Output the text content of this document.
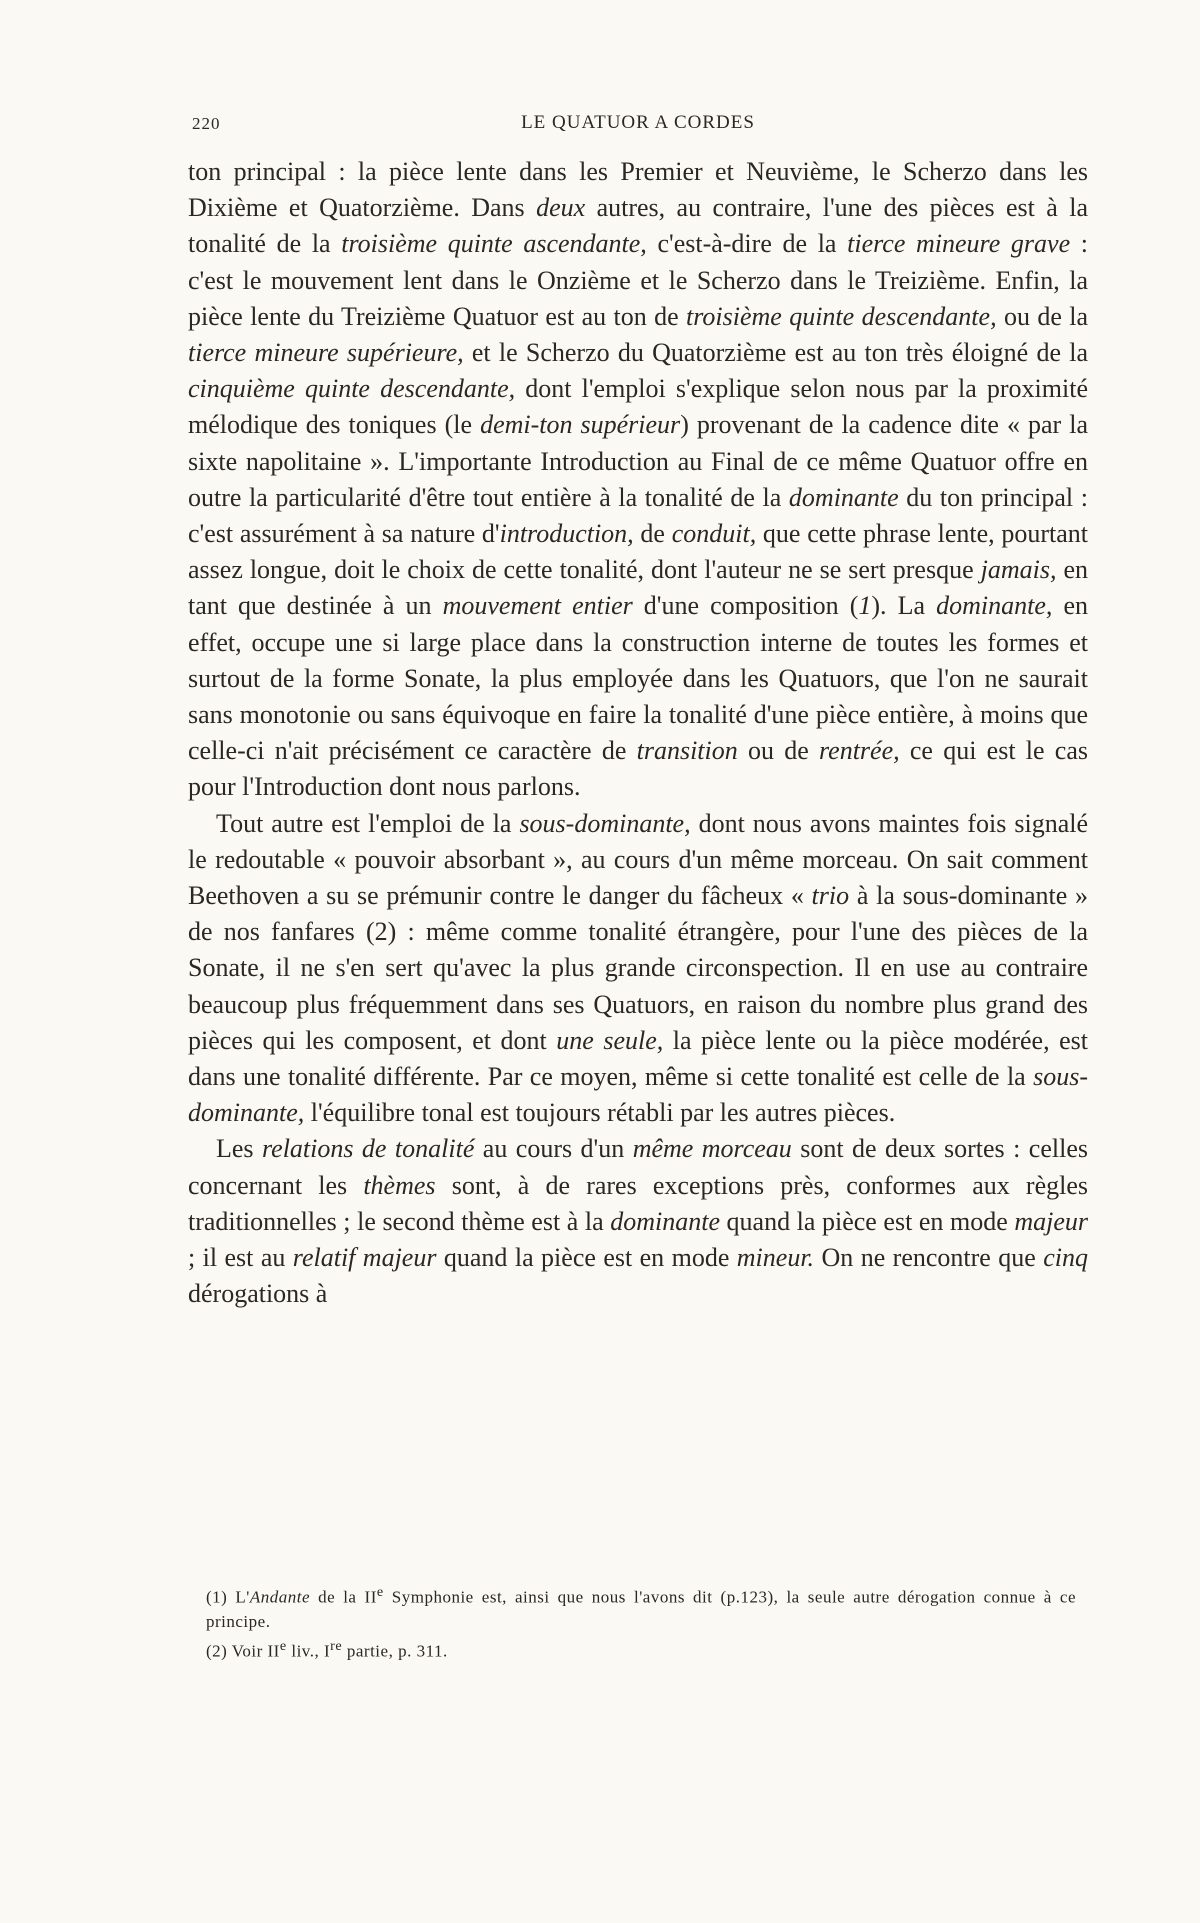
220	LE QUATUOR A CORDES

ton principal : la pièce lente dans les Premier et Neuvième, le Scherzo dans les Dixième et Quatorzième. Dans deux autres, au contraire, l'une des pièces est à la tonalité de la troisième quinte ascendante, c'est-à-dire de la tierce mineure grave : c'est le mouvement lent dans le Onzième et le Scherzo dans le Treizième. Enfin, la pièce lente du Treizième Quatuor est au ton de troisième quinte descendante, ou de la tierce mineure supérieure, et le Scherzo du Quatorzième est au ton très éloigné de la cinquième quinte descendante, dont l'emploi s'explique selon nous par la proximité mélodique des toniques (le demi-ton supérieur) provenant de la cadence dite « par la sixte napolitaine ». L'importante Introduction au Final de ce même Quatuor offre en outre la particularité d'être tout entière à la tonalité de la dominante du ton principal : c'est assurément à sa nature d'introduction, de conduit, que cette phrase lente, pourtant assez longue, doit le choix de cette tonalité, dont l'auteur ne se sert presque jamais, en tant que destinée à un mouvement entier d'une composition (1). La dominante, en effet, occupe une si large place dans la construction interne de toutes les formes et surtout de la forme Sonate, la plus employée dans les Quatuors, que l'on ne saurait sans monotonie ou sans équivoque en faire la tonalité d'une pièce entière, à moins que celle-ci n'ait précisément ce caractère de transition ou de rentrée, ce qui est le cas pour l'Introduction dont nous parlons.

Tout autre est l'emploi de la sous-dominante, dont nous avons maintes fois signalé le redoutable « pouvoir absorbant », au cours d'un même morceau. On sait comment Beethoven a su se prémunir contre le danger du fâcheux « trio à la sous-dominante » de nos fanfares (2) : même comme tonalité étrangère, pour l'une des pièces de la Sonate, il ne s'en sert qu'avec la plus grande circonspection. Il en use au contraire beaucoup plus fréquemment dans ses Quatuors, en raison du nombre plus grand des pièces qui les composent, et dont une seule, la pièce lente ou la pièce modérée, est dans une tonalité différente. Par ce moyen, même si cette tonalité est celle de la sous-dominante, l'équilibre tonal est toujours rétabli par les autres pièces.

Les relations de tonalité au cours d'un même morceau sont de deux sortes : celles concernant les thèmes sont, à de rares exceptions près, conformes aux règles traditionnelles ; le second thème est à la dominante quand la pièce est en mode majeur ; il est au relatif majeur quand la pièce est en mode mineur. On ne rencontre que cinq dérogations à

(1) L'Andante de la IIe Symphonie est, ainsi que nous l'avons dit (p.123), la seule autre dérogation connue à ce principe.

(2) Voir IIe liv., Ire partie, p. 311.
